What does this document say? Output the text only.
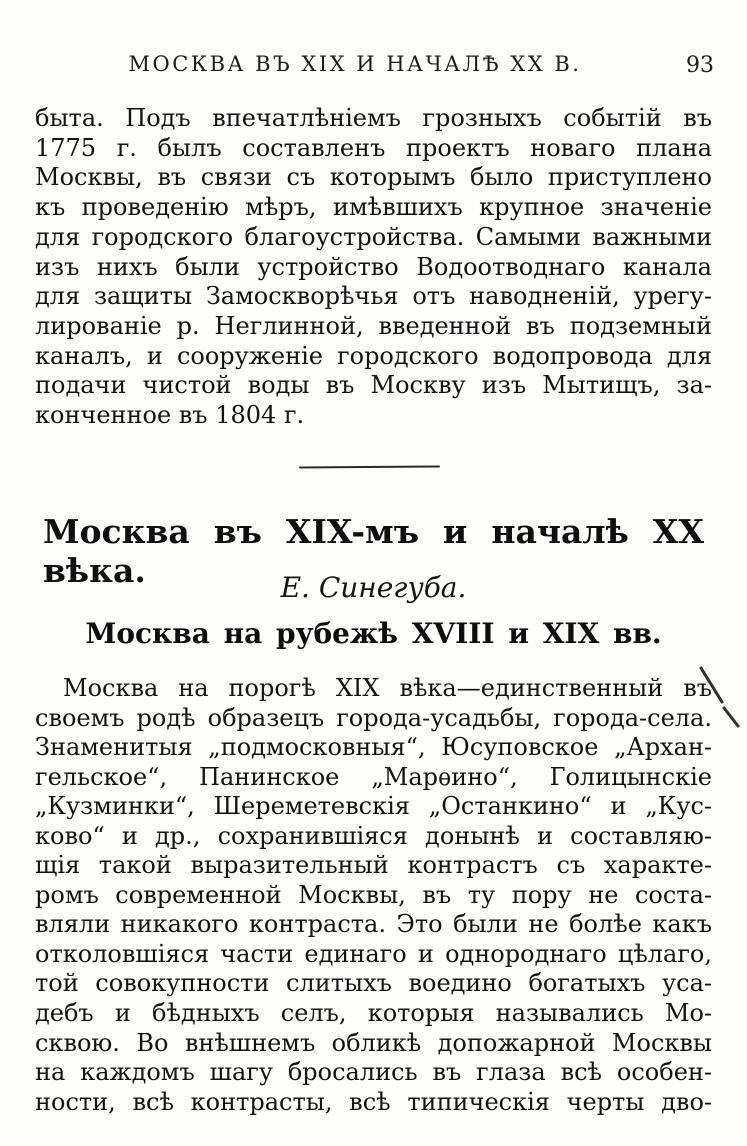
МОСКВА ВЪ XIX И НАЧАЛѢ XX В.	93
быта. Подъ впечатлѣніемъ грозныхъ событій въ
1775 г. былъ составленъ проектъ новаго плана
Москвы, въ связи съ которымъ было приступлено
къ проведенію мѣръ, имѣвшихъ крупное значеніе
для городского благоустройства. Самыми важными
изъ нихъ были устройство Водоотводнаго канала
для защиты Замоскворѣчья отъ наводненій, урегу-
лированіе р. Неглинной, введенной въ подземный
каналъ, и сооруженіе городского водопровода для
подачи чистой воды въ Москву изъ Мытищъ, за-
конченное въ 1804 г.
Москва въ XIX-мъ и началѣ XX вѣка.	Е. Синегуба.
Москва на рубежѣ XVIII и XIX вв.
Москва на порогѣ XIX вѣка—единственный въ
своемъ родѣ образецъ города-усадьбы, города-села.
Знаменитыя „подмосковныя“, Юсуповское „Архан-
гельское“, Панинское „Марѳино“, Голицынскіе
„Кузминки“, Шереметевскія „Останкино“ и „Кус-
ково“ и др., сохранившіяся донынѣ и составляю-
щія такой выразительный контрастъ съ характе-
ромъ современной Москвы, въ ту пору не соста-
вляли никакого контраста. Это были не болѣе какъ
отколовшіяся части единаго и однороднаго цѣлаго,
той совокупности слитыхъ воедино богатыхъ уса-
дебъ и бѣдныхъ селъ, которыя назывались Мо-
сквою. Во внѣшнемъ обликѣ допожарной Москвы
на каждомъ шагу бросались въ глаза всѣ особен-
ности, всѣ контрасты, всѣ типическія черты дво-
